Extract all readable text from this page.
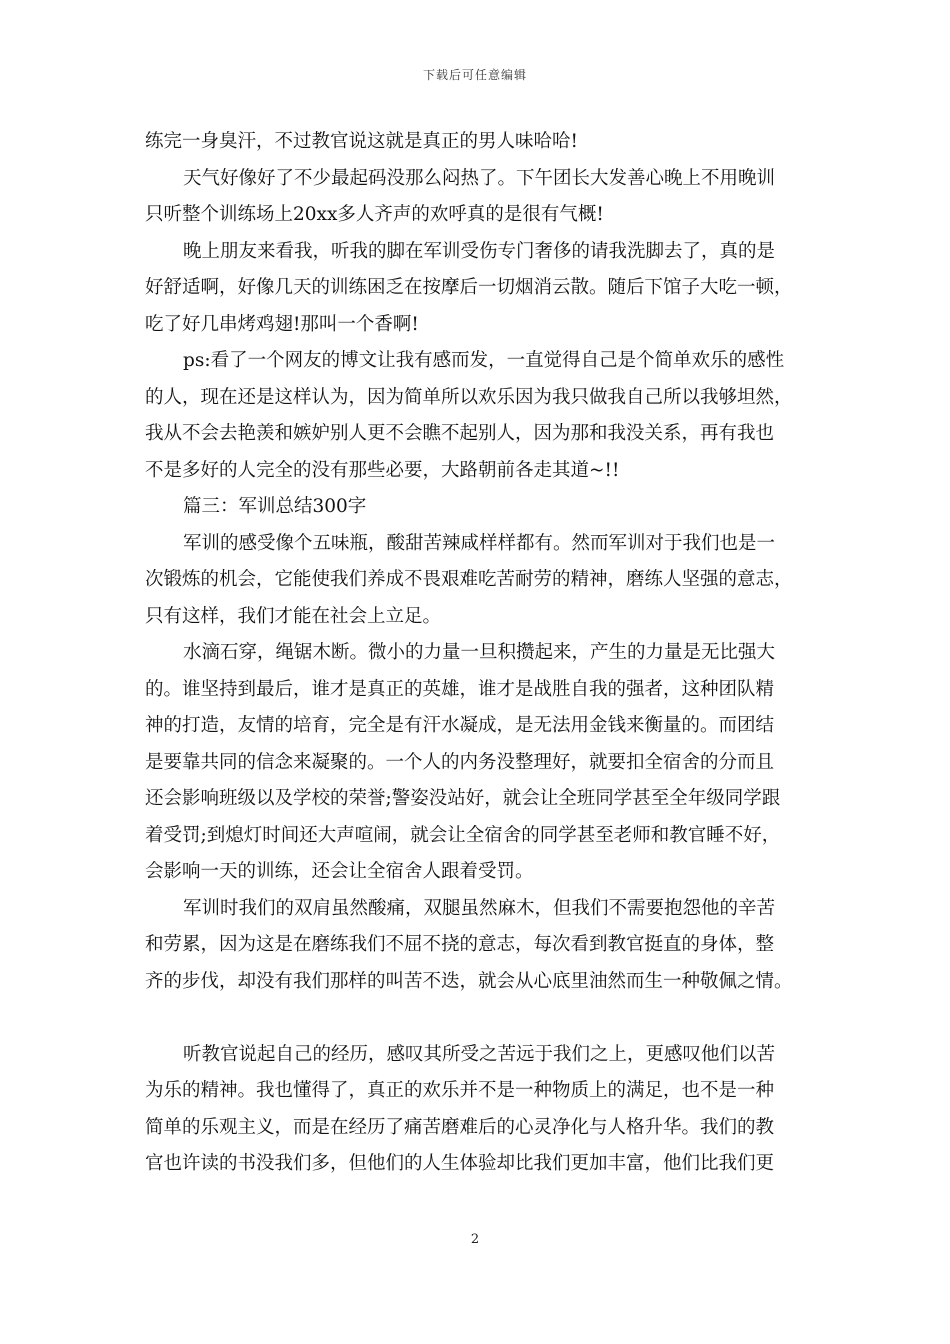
下载后可任意编辑
练完一身臭汗，不过教官说这就是真正的男人味哈哈!
天气好像好了不少最起码没那么闷热了。下午团长大发善心晚上不用晚训
只听整个训练场上20xx多人齐声的欢呼真的是很有气概!
晚上朋友来看我，听我的脚在军训受伤专门奢侈的请我洗脚去了，真的是
好舒适啊，好像几天的训练困乏在按摩后一切烟消云散。随后下馆子大吃一顿，
吃了好几串烤鸡翅!那叫一个香啊!
ps:看了一个网友的博文让我有感而发，一直觉得自己是个简单欢乐的感性
的人，现在还是这样认为，因为简单所以欢乐因为我只做我自己所以我够坦然，
我从不会去艳羡和嫉妒别人更不会瞧不起别人，因为那和我没关系，再有我也
不是多好的人完全的没有那些必要，大路朝前各走其道~!!
篇三：军训总结300字
军训的感受像个五味瓶，酸甜苦辣咸样样都有。然而军训对于我们也是一
次锻炼的机会，它能使我们养成不畏艰难吃苦耐劳的精神，磨练人坚强的意志，
只有这样，我们才能在社会上立足。
水滴石穿，绳锯木断。微小的力量一旦积攒起来，产生的力量是无比强大
的。谁坚持到最后，谁才是真正的英雄，谁才是战胜自我的强者，这种团队精
神的打造，友情的培育，完全是有汗水凝成，是无法用金钱来衡量的。而团结
是要靠共同的信念来凝聚的。一个人的内务没整理好，就要扣全宿舍的分而且
还会影响班级以及学校的荣誉;警姿没站好，就会让全班同学甚至全年级同学跟
着受罚;到熄灯时间还大声喧闹，就会让全宿舍的同学甚至老师和教官睡不好，
会影响一天的训练，还会让全宿舍人跟着受罚。
军训时我们的双肩虽然酸痛，双腿虽然麻木，但我们不需要抱怨他的辛苦
和劳累，因为这是在磨练我们不屈不挠的意志，每次看到教官挺直的身体，整
齐的步伐，却没有我们那样的叫苦不迭，就会从心底里油然而生一种敬佩之情。
听教官说起自己的经历，感叹其所受之苦远于我们之上，更感叹他们以苦
为乐的精神。我也懂得了，真正的欢乐并不是一种物质上的满足，也不是一种
简单的乐观主义，而是在经历了痛苦磨难后的心灵净化与人格升华。我们的教
官也许读的书没我们多，但他们的人生体验却比我们更加丰富，他们比我们更
2
